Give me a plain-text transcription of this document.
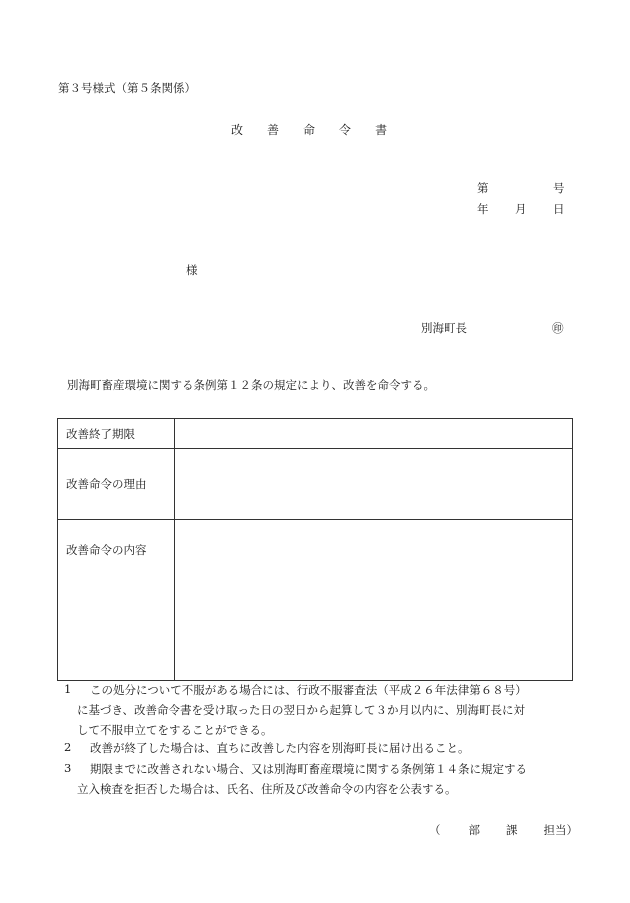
第３号様式（第５条関係）
改 善 命 令 書
第	号
年 月 日
様
別海町長	㊞
別海町畜産環境に関する条例第１２条の規定により、改善を命令する。
改善終了期限	
改善命令の理由	
改善命令の内容	
1 この処分について不服がある場合には、行政不服審査法（平成２６年法律第６８号）
に基づき、改善命令書を受け取った日の翌日から起算して３か月以内に、別海町長に対
して不服申立てをすることができる。
2 改善が終了した場合は、直ちに改善した内容を別海町長に届け出ること。
3 期限までに改善されない場合、又は別海町畜産環境に関する条例第１４条に規定する
立入検査を拒否した場合は、氏名、住所及び改善命令の内容を公表する。
（ 部 課 担当）
